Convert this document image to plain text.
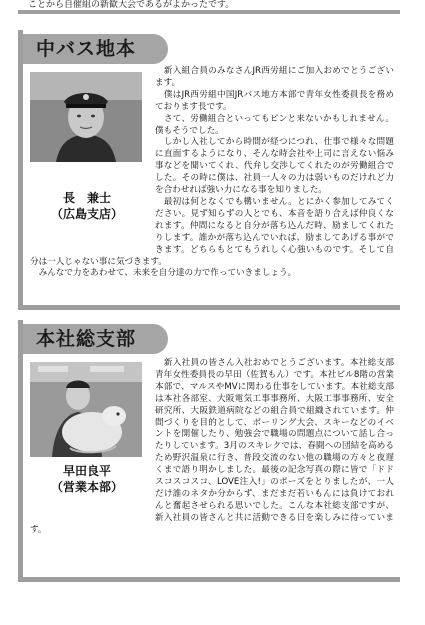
ことから自催組の新歓大会であるがよかったです。
中バス地本
長　兼士
（広島支店）

　新入組合員のみなさんJR西労組にご加入おめでとうございます。

　僕はJR西労組中国JRバス地方本部で青年女性委員長を務めております長です。

　さて、労働組合といってもピンと来ないかもしれません。僕もそうでした。

　しかし入社してから時間が経つにつれ、仕事で様々な問題に直面するようになり、そんな時会社や上司に言えない悩み事などを聞いてくれ、代弁し交渉してくれたのが労働組合でした。その時に僕は、社員一人々の力は弱いものだけれど力を合わせれば強い力になる事を知りました。

　最初は何となくでも構いません。とにかく参加してみてください。見ず知らずの人とでも、本音を語り合えば仲良くなれます。仲間になると自分が落ち込んだ時、励ましてくれたりします。誰かが落ち込んでいれば、励ましてあげる事ができます。どちらもとてもうれしく心強いものです。そして自分は一人じゃない事に気づきます。

　みんなで力をあわせて、未来を自分達の力で作っていきましょう。

本社総支部
早田良平
（営業本部）

　新入社員の皆さん入社おめでとうございます。本社総支部青年女性委員長の早田（佐賀もん）です。本社ビル8階の営業本部で、マルスやMVに関わる仕事をしています。本社総支部は本社各部室、大阪電気工事事務所、大阪工事事務所、安全研究所、大阪鉄道病院などの組合員で組織されています。仲間づくりを目的として、ボーリング大会、スキーなどのイベントを開催したり、勉強会で職場の問題点について話し合ったりしています。3月のスキレクでは、春闘への団結を高めるため野沢温泉に行き、普段交流のない他の職場の方々と夜遅くまで語り明かしました。最後の記念写真の際に皆で「ドドスコスコスコ、LOVE注入!」のポーズをとりましたが、一人だけ誰のネタか分からず、まだまだ若いもんには負けておれんと奮起させられる思いでした。こんな本社総支部ですが、新入社員の皆さんと共に活動できる日を楽しみに待っています。
